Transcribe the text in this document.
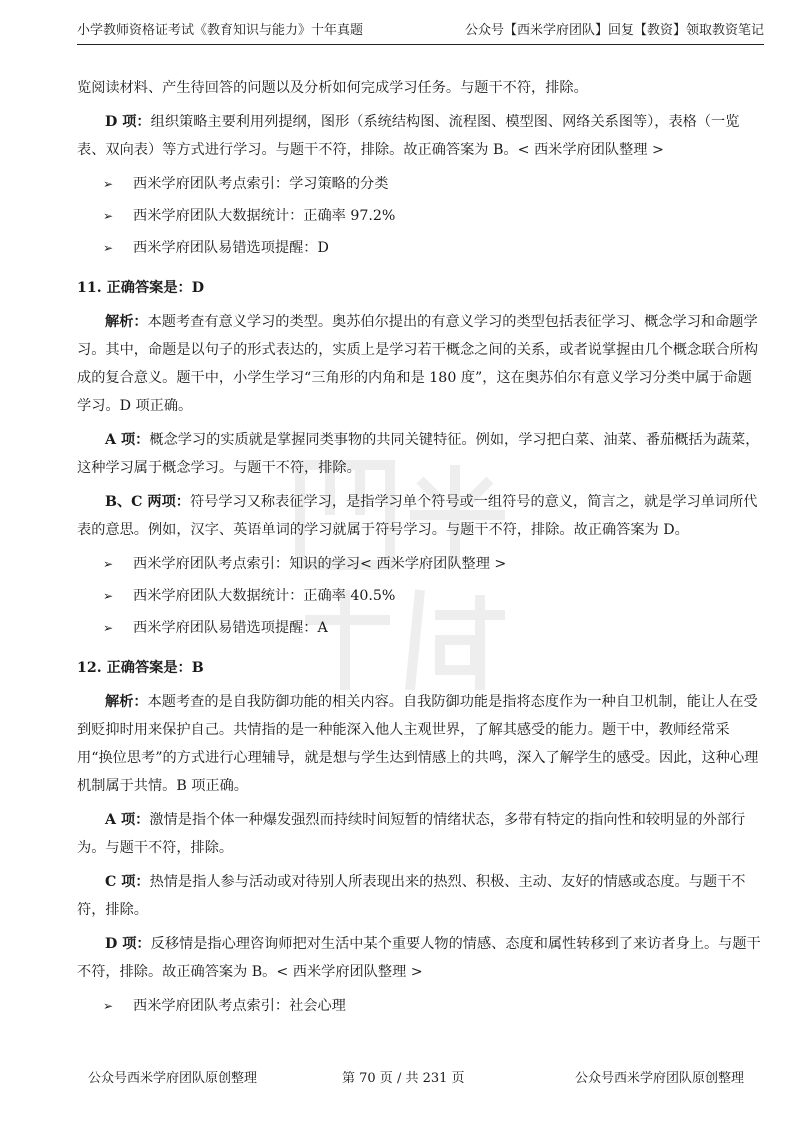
小学教师资格证考试《教育知识与能力》十年真题	公众号【西米学府团队】回复【教资】领取教资笔记

览阅读材料、产生待回答的问题以及分析如何完成学习任务。与题干不符，排除。

D 项：组织策略主要利用列提纲，图形（系统结构图、流程图、模型图、网络关系图等），表格（一览表、双向表）等方式进行学习。与题干不符，排除。故正确答案为 B。< 西米学府团队整理 >

➢ 西米学府团队考点索引：学习策略的分类
➢ 西米学府团队大数据统计：正确率 97.2%
➢ 西米学府团队易错选项提醒：D

11. 正确答案是：D

解析：本题考查有意义学习的类型。奥苏伯尔提出的有意义学习的类型包括表征学习、概念学习和命题学习。其中，命题是以句子的形式表达的，实质上是学习若干概念之间的关系，或者说掌握由几个概念联合所构成的复合意义。题干中，小学生学习“三角形的内角和是 180 度”，这在奥苏伯尔有意义学习分类中属于命题学习。D 项正确。

A 项：概念学习的实质就是掌握同类事物的共同关键特征。例如，学习把白菜、油菜、番茄概括为蔬菜，这种学习属于概念学习。与题干不符，排除。

B、C 两项：符号学习又称表征学习，是指学习单个符号或一组符号的意义，简言之，就是学习单词所代表的意思。例如，汉字、英语单词的学习就属于符号学习。与题干不符，排除。故正确答案为 D。

➢ 西米学府团队考点索引：知识的学习< 西米学府团队整理 >
➢ 西米学府团队大数据统计：正确率 40.5%
➢ 西米学府团队易错选项提醒：A

12. 正确答案是：B

解析：本题考查的是自我防御功能的相关内容。自我防御功能是指将态度作为一种自卫机制，能让人在受到贬抑时用来保护自己。共情指的是一种能深入他人主观世界，了解其感受的能力。题干中，教师经常采用“换位思考”的方式进行心理辅导，就是想与学生达到情感上的共鸣，深入了解学生的感受。因此，这种心理机制属于共情。B 项正确。

A 项：激情是指个体一种爆发强烈而持续时间短暂的情绪状态，多带有特定的指向性和较明显的外部行为。与题干不符，排除。

C 项：热情是指人参与活动或对待别人所表现出来的热烈、积极、主动、友好的情感或态度。与题干不符，排除。

D 项：反移情是指心理咨询师把对生活中某个重要人物的情感、态度和属性转移到了来访者身上。与题干不符，排除。故正确答案为 B。< 西米学府团队整理 >

➢ 西米学府团队考点索引：社会心理
公众号西米学府团队原创整理	第 70 页 / 共 231 页	公众号西米学府团队原创整理
